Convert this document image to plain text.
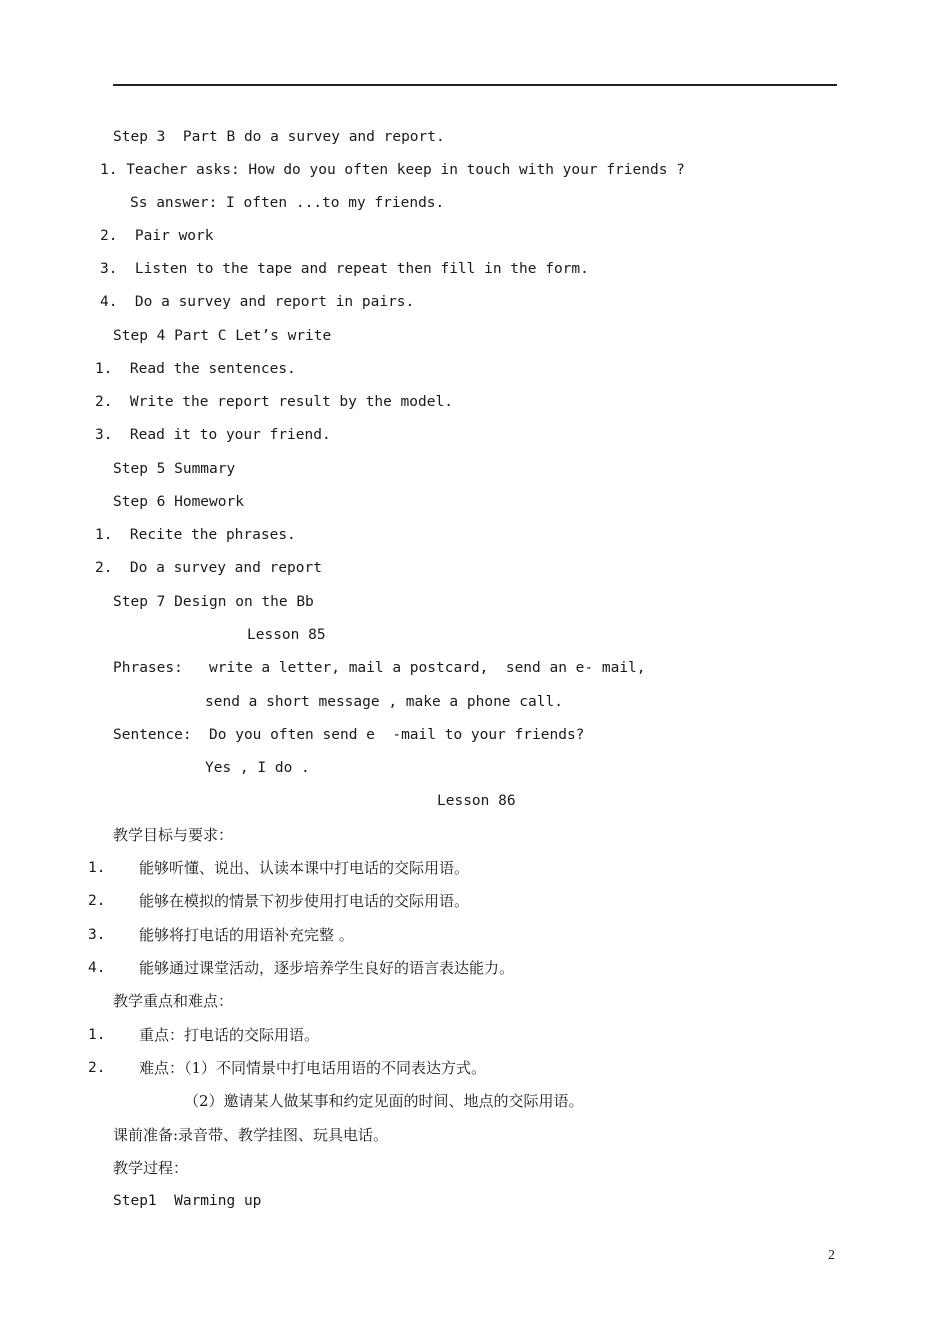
Step 3  Part B do a survey and report.
1. Teacher asks: How do you often keep in touch with your friends ?
Ss answer: I often ...to my friends.
2.  Pair work
3.  Listen to the tape and repeat then fill in the form.
4.  Do a survey and report in pairs.
Step 4 Part C Let’s write
1.  Read the sentences.
2.  Write the report result by the model.
3.  Read it to your friend.
Step 5 Summary
Step 6 Homework
1.  Recite the phrases.
2.  Do a survey and report
Step 7 Design on the Bb
Lesson 85
Phrases:   write a letter, mail a postcard,  send an e- mail,
send a short message , make a phone call.
Sentence:  Do you often send e  -mail to your friends?
Yes , I do .
Lesson 86
教学目标与要求：
1. 能够听懂、说出、认读本课中打电话的交际用语。
2. 能够在模拟的情景下初步使用打电话的交际用语。
3. 能够将打电话的用语补充完整 。
4. 能够通过课堂活动，逐步培养学生良好的语言表达能力。
教学重点和难点：
1. 重点：打电话的交际用语。
2. 难点：（1）不同情景中打电话用语的不同表达方式。
（2）邀请某人做某事和约定见面的时间、地点的交际用语。
课前准备:录音带、教学挂图、玩具电话。
教学过程：
Step1  Warming up
2
